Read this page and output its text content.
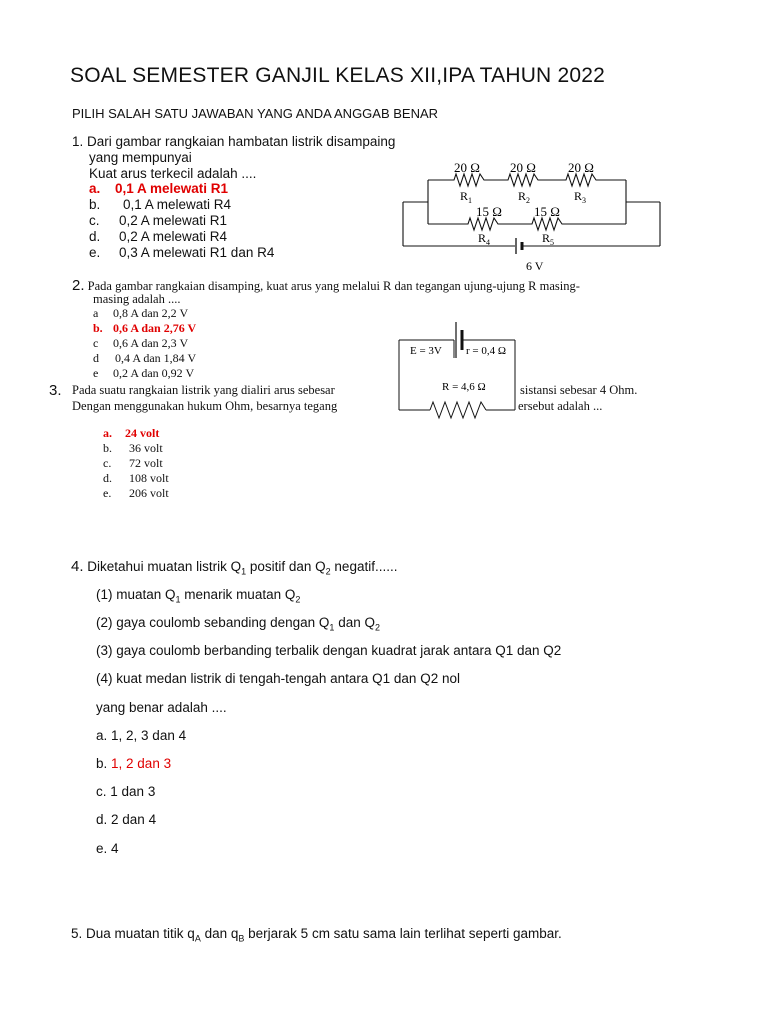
SOAL SEMESTER GANJIL KELAS XII,IPA TAHUN 2022
PILIH SALAH SATU JAWABAN YANG ANDA ANGGAB BENAR
1. Dari gambar rangkaian hambatan listrik disampaing
yang mempunyai
Kuat arus terkecil adalah ....
a. 0,1 A melewati R1
b. 0,1 A melewati R4
c. 0,2 A melewati R1
d. 0,2 A melewati R4
e. 0,3 A melewati R1 dan R4
20 Ω 20 Ω 20 Ω
15 Ω 15 Ω
$R_1$	$R_2$	$R_3$
$R_4$	$R_5$
6 V
2. Pada gambar rangkaian disamping, kuat arus yang melalui R dan tegangan ujung-ujung R masing-
masing adalah ....
a 0,8 A dan 2,2 V
b. 0,6 A dan 2,76 V
c 0,6 A dan 2,3 V
d 0,4 A dan 1,84 V
e 0,2 A dan 0,92 V
E = 3V r = 0,4 Ω
R = 4,6 Ω
3. Pada suatu rangkaian listrik yang dialiri arus sebesar	sistansi sebesar 4 Ohm.
Dengan menggunakan hukum Ohm, besarnya tegang	ersebut adalah ...
a. 24 volt
b. 36 volt
c. 72 volt
d. 108 volt
e. 206 volt
4. Diketahui muatan listrik $Q_1$ positif dan $Q_2$ negatif......
(1) muatan $Q_1$ menarik muatan $Q_2$
(2) gaya coulomb sebanding dengan $Q_1$ dan $Q_2$
(3) gaya coulomb berbanding terbalik dengan kuadrat jarak antara Q1 dan Q2
(4) kuat medan listrik di tengah-tengah antara Q1 dan Q2 nol
yang benar adalah ....
a. 1, 2, 3 dan 4
b. 1, 2 dan 3
c. 1 dan 3
d. 2 dan 4
e. 4
5. Dua muatan titik $q_A$ dan $q_B$ berjarak 5 cm satu sama lain terlihat seperti gambar.
